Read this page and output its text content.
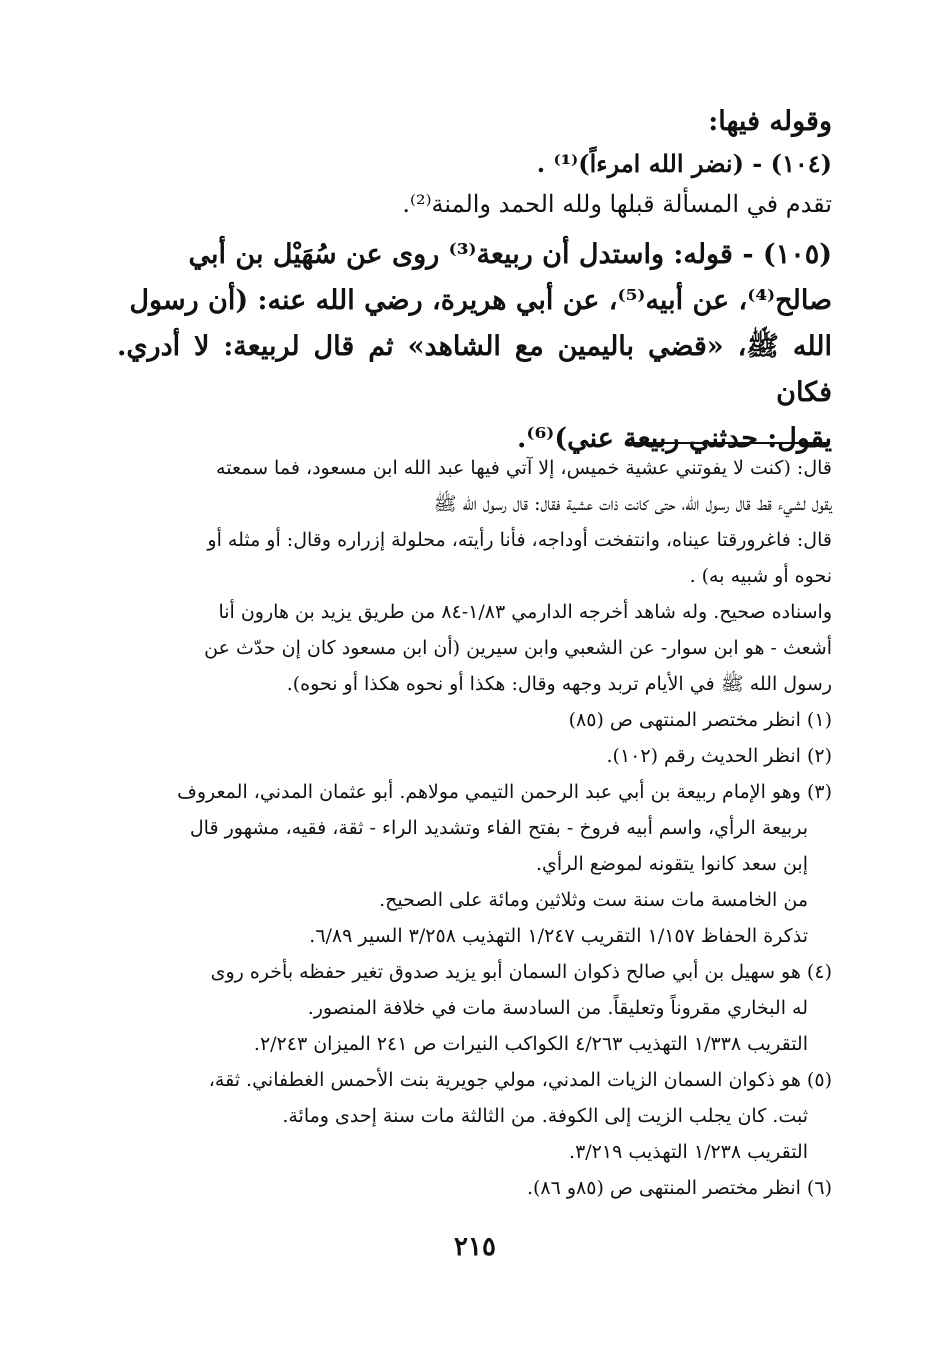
وقوله فيها:
(١٠٤) - (نضر الله امرءاً)⁽¹⁾ .
تقدم في المسألة قبلها ولله الحمد والمنة⁽²⁾.
(١٠٥) - قوله: واستدل أن ربيعة⁽³⁾ روى عن سُهَيْل بن أبي
صالح⁽⁴⁾، عن أبيه⁽⁵⁾، عن أبي هريرة، رضي الله عنه: (أن رسول
الله ﷺ، «قضي باليمين مع الشاهد» ثم قال لربيعة: لا أدري. فكان
يقول: حدثني ربيعة عني)⁽⁶⁾.
قال: (كنت لا يفوتني عشية خميس، إلا آتي فيها عبد الله ابن مسعود، فما سمعته
يقول لشيء قط قال رسول الله، حتى كانت ذات عشية فقال: قال رسول الله ﷺ
قال: فاغرورقتا عيناه، وانتفخت أوداجه، فأنا رأيته، محلولة إزراره وقال: أو مثله أو
نحوه أو شبيه به) .
واسناده صحيح. وله شاهد أخرجه الدارمي ١/٨٣-٨٤ من طريق يزيد بن هارون أنا
أشعث - هو ابن سوار- عن الشعبي وابن سيرين (أن ابن مسعود كان إن حدّث عن
رسول الله ﷺ في الأيام تربد وجهه وقال: هكذا أو نحوه هكذا أو نحوه).
(١) انظر مختصر المنتهى ص (٨٥)
(٢) انظر الحديث رقم (١٠٢).
(٣) وهو الإمام ربيعة بن أبي عبد الرحمن التيمي مولاهم. أبو عثمان المدني، المعروف
بربيعة الرأي، واسم أبيه فروخ - بفتح الفاء وتشديد الراء - ثقة، فقيه، مشهور قال
إبن سعد كانوا يتقونه لموضع الرأي.
من الخامسة مات سنة ست وثلاثين ومائة على الصحيح.
تذكرة الحفاظ ١/١٥٧ التقريب ١/٢٤٧ التهذيب ٣/٢٥٨ السير ٦/٨٩.
(٤) هو سهيل بن أبي صالح ذكوان السمان أبو يزيد صدوق تغير حفظه بأخره روى
له البخاري مقروناً وتعليقاً. من السادسة مات في خلافة المنصور.
التقريب ١/٣٣٨ التهذيب ٤/٢٦٣ الكواكب النيرات ص ٢٤١ الميزان ٢/٢٤٣.
(٥) هو ذكوان السمان الزيات المدني، مولي جويرية بنت الأحمس الغطفاني. ثقة،
ثبت. كان يجلب الزيت إلى الكوفة. من الثالثة مات سنة إحدى ومائة.
التقريب ١/٢٣٨ التهذيب ٣/٢١٩.
(٦) انظر مختصر المنتهى ص (٨٥و ٨٦).
٢١٥
